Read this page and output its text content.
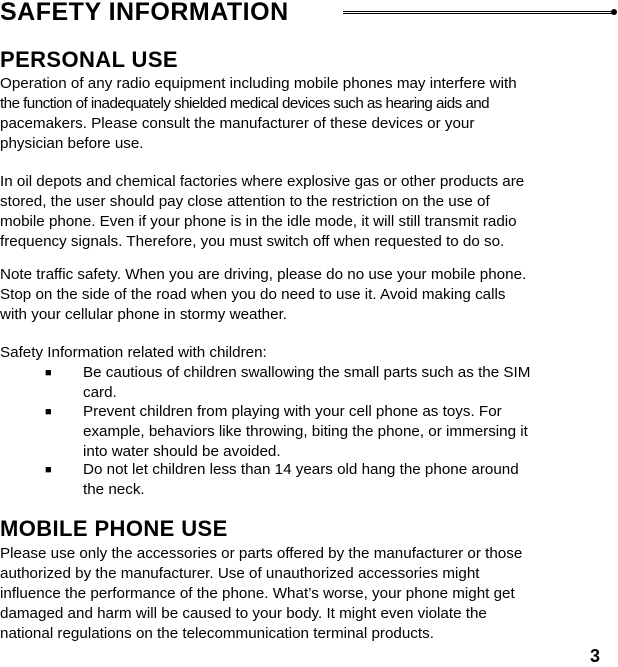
SAFETY INFORMATION
PERSONAL USE
Operation of any radio equipment including mobile phones may interfere with
the function of inadequately shielded medical devices such as hearing aids and
pacemakers. Please consult the manufacturer of these devices or your
physician before use.
In oil depots and chemical factories where explosive gas or other products are
stored, the user should pay close attention to the restriction on the use of
mobile phone. Even if your phone is in the idle mode, it will still transmit radio
frequency signals. Therefore, you must switch off when requested to do so.
Note traffic safety. When you are driving, please do no use your mobile phone.
Stop on the side of the road when you do need to use it. Avoid making calls
with your cellular phone in stormy weather.
Safety Information related with children:
■ Be cautious of children swallowing the small parts such as the SIM
card.
■ Prevent children from playing with your cell phone as toys. For
example, behaviors like throwing, biting the phone, or immersing it
into water should be avoided.
■ Do not let children less than 14 years old hang the phone around
the neck.
MOBILE PHONE USE
Please use only the accessories or parts offered by the manufacturer or those
authorized by the manufacturer. Use of unauthorized accessories might
influence the performance of the phone. What’s worse, your phone might get
damaged and harm will be caused to your body. It might even violate the
national regulations on the telecommunication terminal products.
3
